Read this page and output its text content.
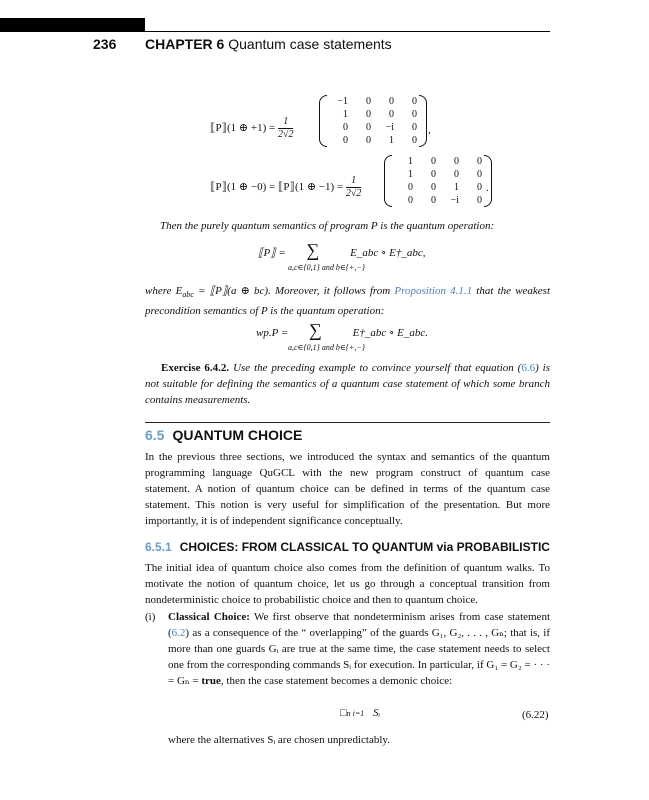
236 CHAPTER 6 Quantum case statements
⟦P⟧(1 ⊕ $+1) = \frac{1}{2√2}$
−1	0	0	0
1	0	0	0
0	0	−i	0
0	0	1	0
,
⟦P⟧(1 ⊕ −0) = ⟦P⟧(1 ⊕ $-1) = \frac{1}{2√2}$
1	0	0	0
1	0	0	0
0	0	1	0
0	0	−i	0
.
Then the purely quantum semantics of program P is the quantum operation:
⟦P⟧ = ∑	E_abc ∘ E†_abc,
a,c∈{0,1} and b∈{+,−}
where $E_{abc}$ = ⟦P⟧(a ⊕ bc). Moreover, it follows from Proposition 4.1.1 that the weakest precondition semantics of P is the quantum operation:
wp.P = ∑	E†_abc ∘ E_abc.
a,c∈{0,1} and b∈{+,−}
Exercise 6.4.2. Use the preceding example to convince yourself that equation (6.6) is not suitable for defining the semantics of a quantum case statement of which some branch contains measurements.
6.5 QUANTUM CHOICE
In the previous three sections, we introduced the syntax and semantics of the quantum programming language QuGCL with the new program construct of quantum case statement. A notion of quantum choice can be defined in terms of the quantum case statement. This notion is very useful for simplification of the presentation. But more importantly, it is of independent significance conceptually.
6.5.1 CHOICES: FROM CLASSICAL TO QUANTUM via PROBABILISTIC
The initial idea of quantum choice also comes from the definition of quantum walks. To motivate the notion of quantum choice, let us go through a conceptual transition from nondeterministic choice to probabilistic choice and then to quantum choice.
(i)	Classical Choice: We first observe that nondeterminism arises from case statement (6.2) as a consequence of the “ overlapping” of the guards G₁, G₂, . . . , Gₙ; that is, if more than one guards Gᵢ are true at the same time, the case statement needs to select one from the corresponding commands Sᵢ for execution. In particular, if G₁ = G₂ = · · · = Gₙ = true, then the case statement becomes a demonic choice:
□n i=1 Sᵢ	(6.22)
where the alternatives Sᵢ are chosen unpredictably.
